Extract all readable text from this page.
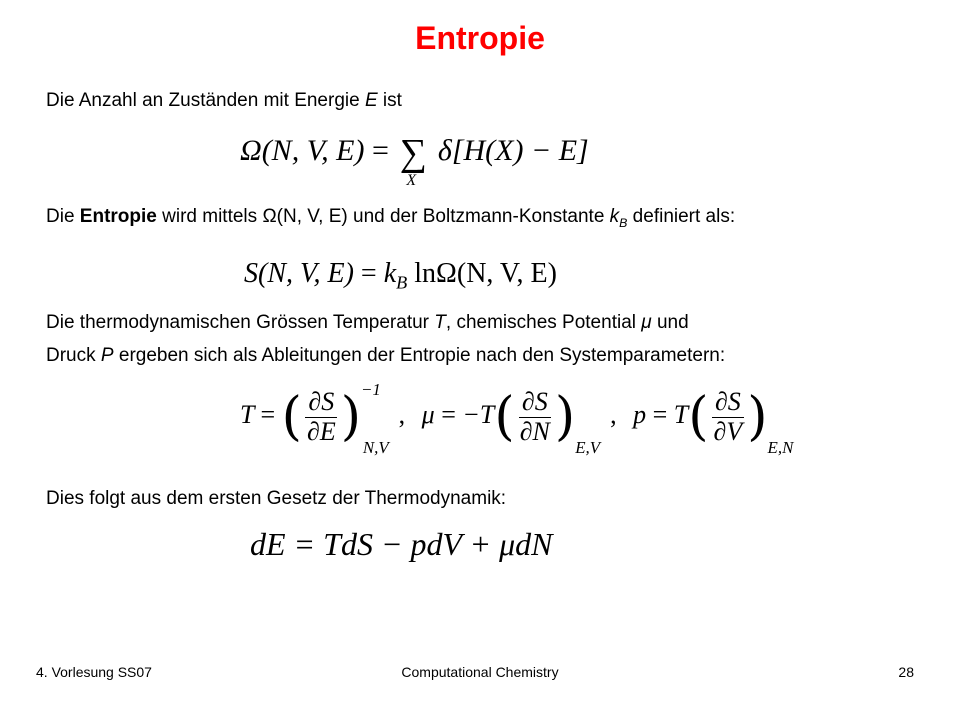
Entropie
Die Anzahl an Zuständen mit Energie E ist
Ω(N, V, E) = ∑
X
δ[H(X) − E]
Die Entropie wird mittels Ω(N, V, E) und der Boltzmann-Konstante $k_B$ definiert als:
S(N, V, $E) = k_B$ lnΩ(N, V, E)
Die thermodynamischen Grössen Temperatur T, chemisches Potential μ und
Druck P ergeben sich als Ableitungen der Entropie nach den Systemparametern:
T = ( $\frac{\partial S}{\partial E} )^{-1}_{N,V}$, $\mu = -T( \frac{\partial S}{\partial N} )_{E,V}$, $p = T( \frac{\partial S}{\partial V} )_{E,N}$
Dies folgt aus dem ersten Gesetz der Thermodynamik:
dE = TdS − pdV + μdN
4. Vorlesung SS07	Computational Chemistry	28
